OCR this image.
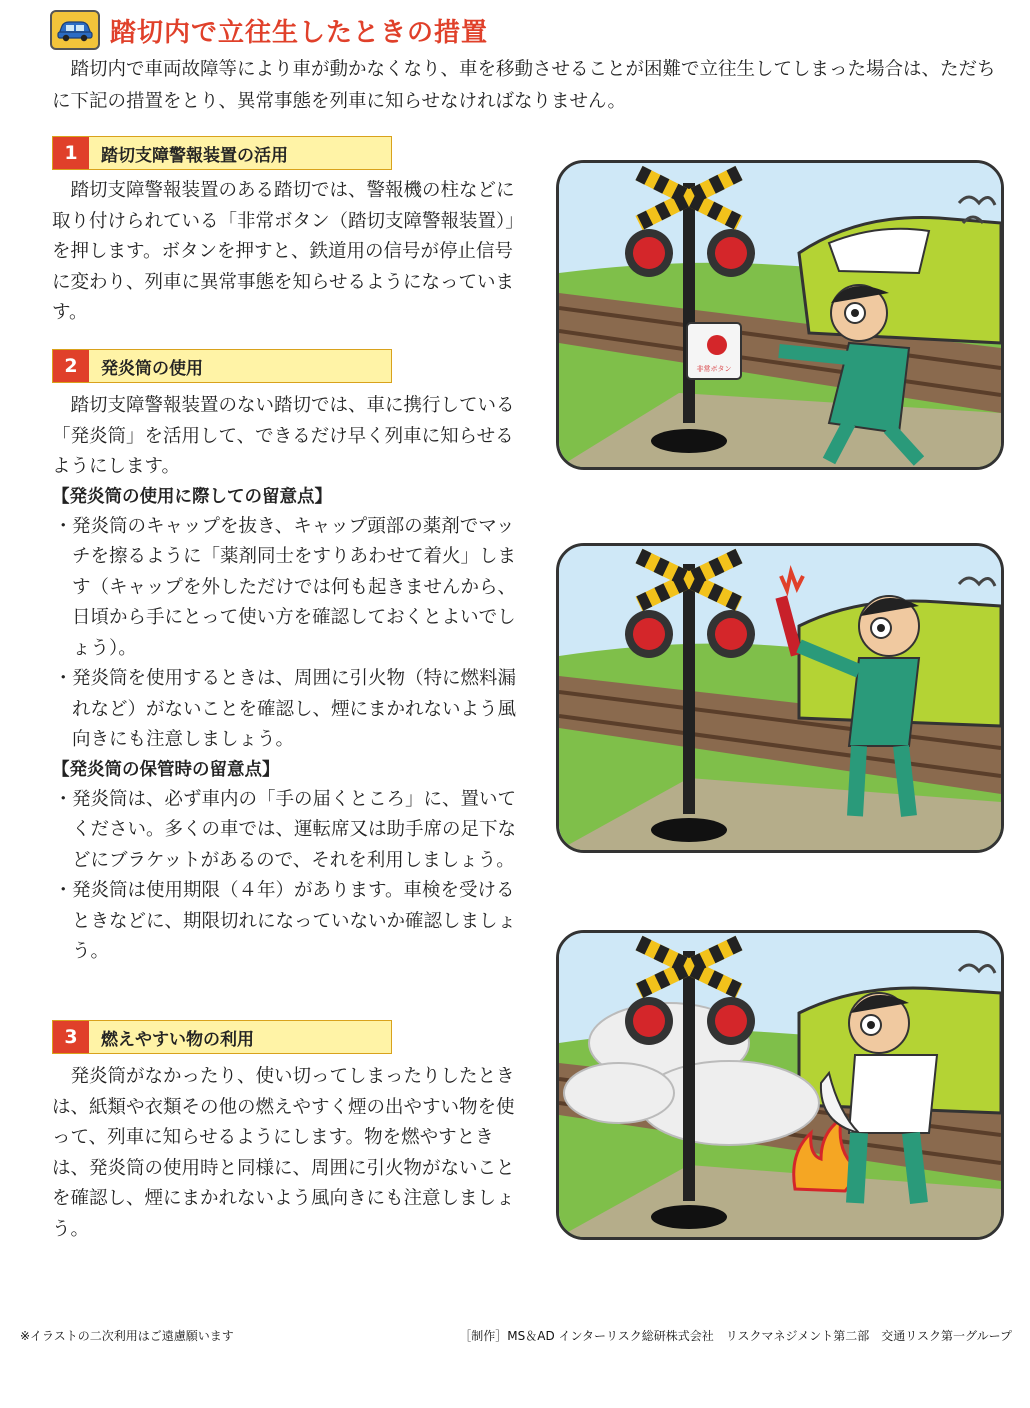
踏切内で立往生したときの措置
踏切内で車両故障等により車が動かなくなり、車を移動させることが困難で立往生してしまった場合は、ただちに下記の措置をとり、異常事態を列車に知らせなければなりません。
1	踏切支障警報装置の活用

踏切支障警報装置のある踏切では、警報機の柱などに取り付けられている「非常ボタン（踏切支障警報装置）」を押します。ボタンを押すと、鉄道用の信号が停止信号に変わり、列車に異常事態を知らせるようになっています。

2	発炎筒の使用

踏切支障警報装置のない踏切では、車に携行している「発炎筒」を活用して、できるだけ早く列車に知らせるようにします。

【発炎筒の使用に際しての留意点】
・ 発炎筒のキャップを抜き、キャップ頭部の薬剤でマッチを擦るように「薬剤同士をすりあわせて着火」します（キャップを外しただけでは何も起きませんから、日頃から手にとって使い方を確認しておくとよいでしょう）。
・ 発炎筒を使用するときは、周囲に引火物（特に燃料漏れなど）がないことを確認し、煙にまかれないよう風向きにも注意しましょう。
【発炎筒の保管時の留意点】
・ 発炎筒は、必ず車内の「手の届くところ」に、置いてください。多くの車では、運転席又は助手席の足下などにブラケットがあるので、それを利用しましょう。
・ 発炎筒は使用期限（４年）があります。車検を受けるときなどに、期限切れになっていないか確認しましょう。
3	燃えやすい物の利用

発炎筒がなかったり、使い切ってしまったりしたときは、紙類や衣類その他の燃えやすく煙の出やすい物を使って、列車に知らせるようにします。物を燃やすときは、発炎筒の使用時と同様に、周囲に引火物がないことを確認し、煙にまかれないよう風向きにも注意しましょう。

非常ボタン
※イラストの二次利用はご遠慮願います	［制作］MS＆AD インターリスク総研株式会社　リスクマネジメント第二部　交通リスク第一グループ
